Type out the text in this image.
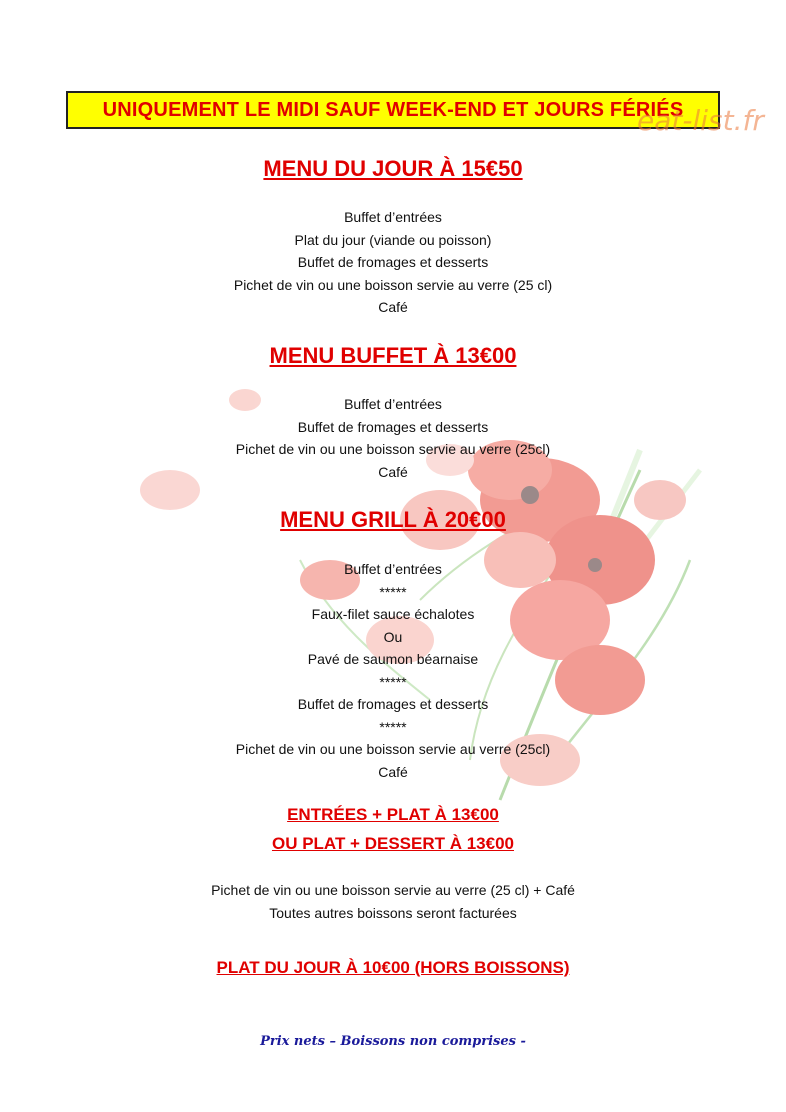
UNIQUEMENT LE MIDI SAUF WEEK-END ET JOURS FÉRIÉS
eat-list.fr
MENU DU JOUR À 15€50
Buffet d’entrées
Plat du jour (viande ou poisson)
Buffet de fromages et desserts
Pichet de vin ou une boisson servie au verre (25 cl)
Café
MENU BUFFET À 13€00
Buffet d’entrées
Buffet de fromages et desserts
Pichet de vin ou une boisson servie au verre (25cl)
Café
MENU GRILL À 20€00
Buffet d’entrées
*****
Faux-filet sauce échalotes
Ou
Pavé de saumon béarnaise
*****
Buffet de fromages et desserts
*****
Pichet de vin ou une boisson servie au verre (25cl)
Café
ENTRÉES + PLAT À 13€00
OU PLAT + DESSERT À 13€00
Pichet de vin ou une boisson servie au verre (25 cl) + Café
Toutes autres boissons seront facturées
PLAT DU JOUR À 10€00 (HORS BOISSONS)
Prix nets – Boissons non comprises -
